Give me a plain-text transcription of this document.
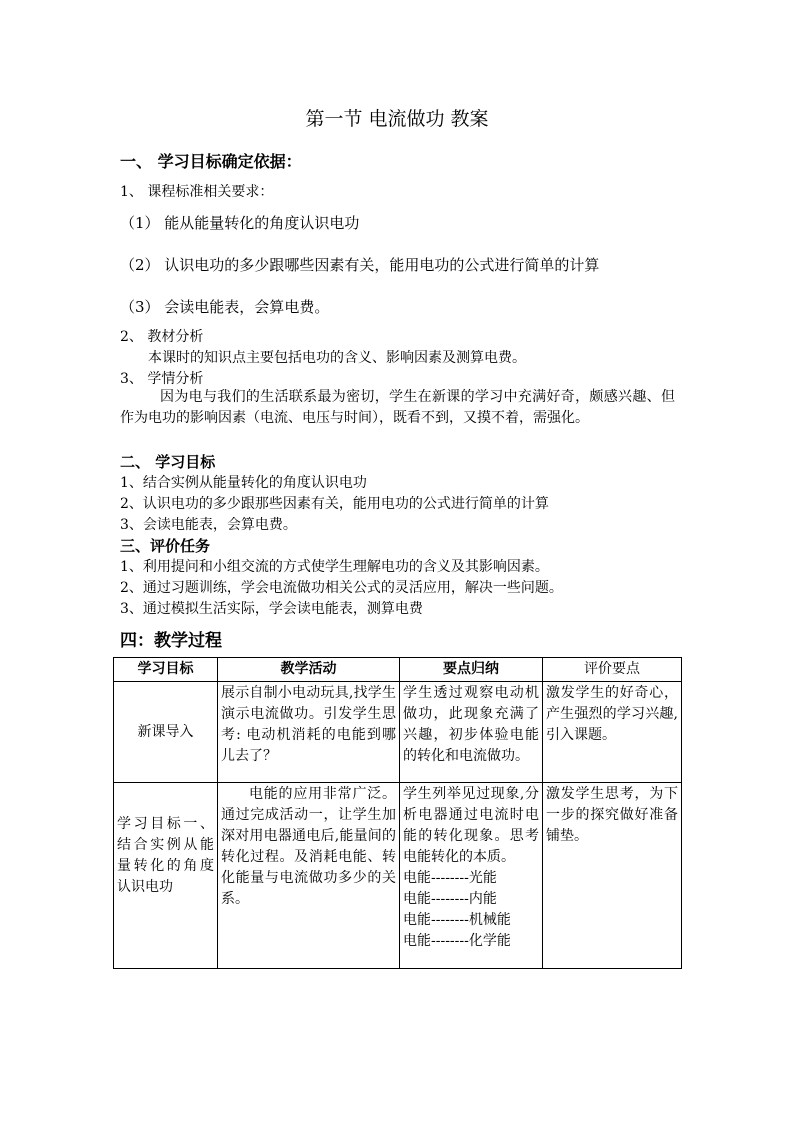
第一节 电流做功 教案
一、 学习目标确定依据：
1、 课程标准相关要求：
（1） 能从能量转化的角度认识电功
（2） 认识电功的多少跟哪些因素有关，能用电功的公式进行简单的计算
（3） 会读电能表，会算电费。
2、 教材分析
本课时的知识点主要包括电功的含义、影响因素及测算电费。
3、 学情分析
因为电与我们的生活联系最为密切，学生在新课的学习中充满好奇，颇感兴趣、但作为电功的影响因素（电流、电压与时间），既看不到，又摸不着，需强化。
二、 学习目标
1、结合实例从能量转化的角度认识电功
2、认识电功的多少跟那些因素有关，能用电功的公式进行简单的计算
3、会读电能表，会算电费。
三、评价任务
1、利用提问和小组交流的方式使学生理解电功的含义及其影响因素。
2、通过习题训练，学会电流做功相关公式的灵活应用，解决一些问题。
3、通过模拟生活实际，学会读电能表，测算电费
四：教学过程
学习目标	教学活动	要点归纳	评价要点
新课导入	展示自制小电动玩具,找学生演示电流做功。引发学生思考: 电动机消耗的电能到哪儿去了？	学生透过观察电动机做功，此现象充满了兴趣，初步体验电能的转化和电流做功。	激发学生的好奇心，产生强烈的学习兴趣,引入课题。
学习目标一、结合实例从能量转化的角度认识电功	电能的应用非常广泛。通过完成活动一，让学生加深对用电器通电后,能量间的转化过程。及消耗电能、转化能量与电流做功多少的关系。	学生列举见过现象,分析电器通过电流时电能的转化现象。思考电能转化的本质。
电能--------光能
电能--------内能
电能--------机械能
电能--------化学能	激发学生思考，为下一步的探究做好准备铺垫。
